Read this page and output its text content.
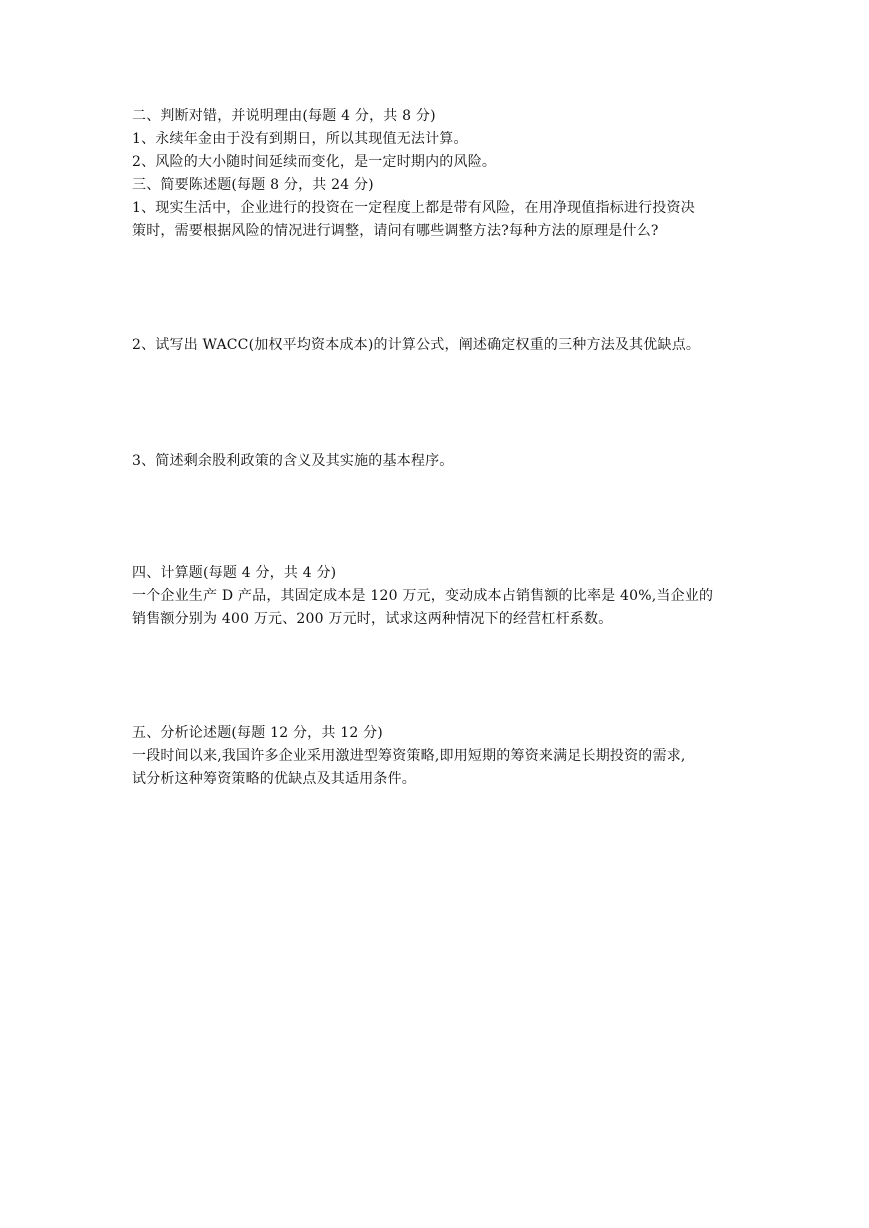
二、判断对错，并说明理由(每题 4 分，共 8 分)
1、永续年金由于没有到期日，所以其现值无法计算。
2、风险的大小随时间延续而变化，是一定时期内的风险。
三、简要陈述题(每题 8 分，共 24 分)
1、现实生活中，企业进行的投资在一定程度上都是带有风险，在用净现值指标进行投资决
策时，需要根据风险的情况进行调整，请问有哪些调整方法?每种方法的原理是什么?
2、试写出 WACC(加权平均资本成本)的计算公式，阐述确定权重的三种方法及其优缺点。
3、简述剩余股利政策的含义及其实施的基本程序。
四、计算题(每题 4 分，共 4 分)
一个企业生产 D 产品，其固定成本是 120 万元，变动成本占销售额的比率是 40%,当企业的
销售额分别为 400 万元、200 万元时，试求这两种情况下的经营杠杆系数。
五、分析论述题(每题 12 分，共 12 分)
一段时间以来,我国许多企业采用激进型筹资策略,即用短期的筹资来满足长期投资的需求,
试分析这种筹资策略的优缺点及其适用条件。
